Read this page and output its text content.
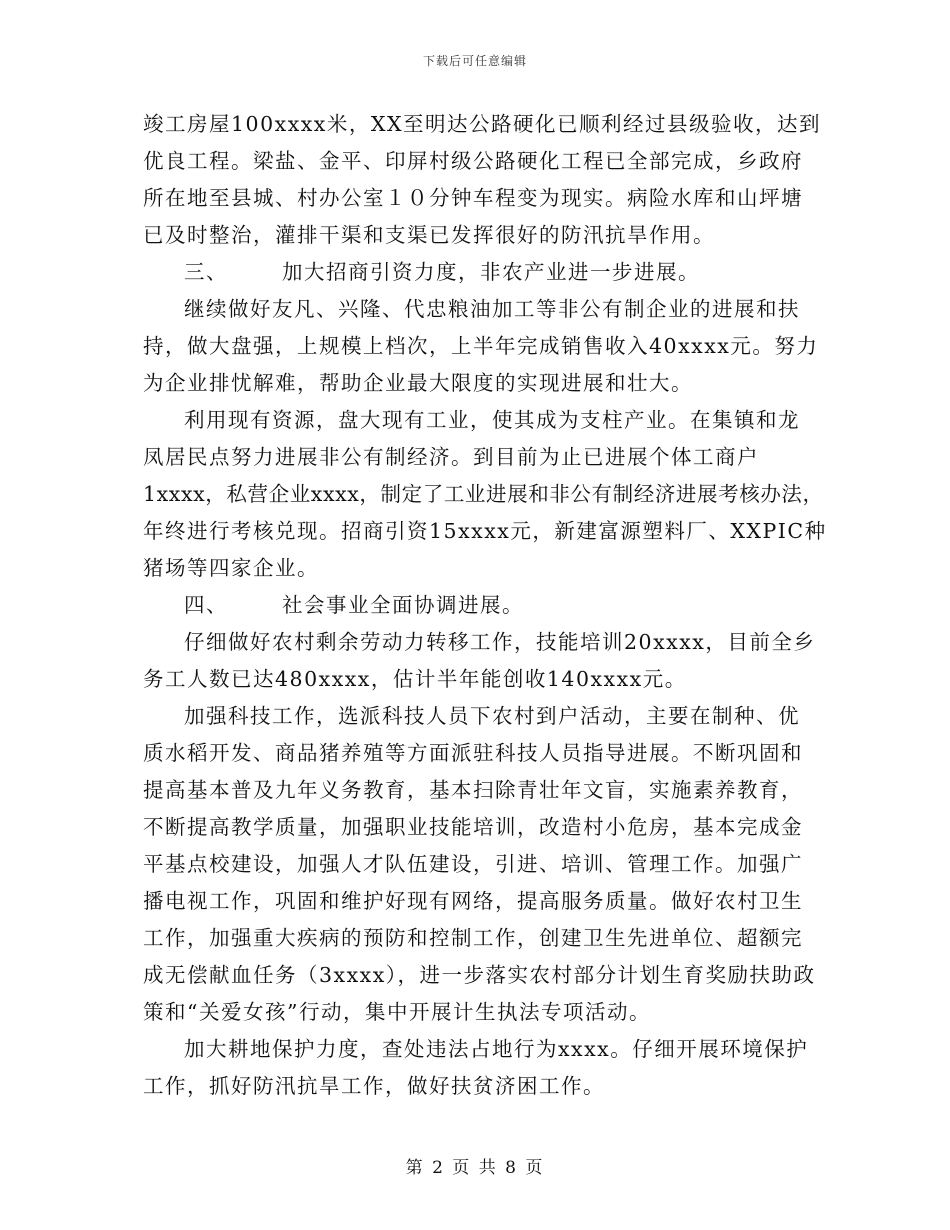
下载后可任意编辑
竣工房屋100xxxx米，XX至明达公路硬化已顺利经过县级验收，达到
优良工程。梁盐、金平、印屏村级公路硬化工程已全部完成，乡政府
所在地至县城、村办公室１０分钟车程变为现实。病险水库和山坪塘
已及时整治，灌排干渠和支渠已发挥很好的防汛抗旱作用。
三、	加大招商引资力度，非农产业进一步进展。
继续做好友凡、兴隆、代忠粮油加工等非公有制企业的进展和扶
持，做大盘强，上规模上档次，上半年完成销售收入40xxxx元。努力
为企业排忧解难，帮助企业最大限度的实现进展和壮大。
利用现有资源，盘大现有工业，使其成为支柱产业。在集镇和龙
凤居民点努力进展非公有制经济。到目前为止已进展个体工商户
1xxxx，私营企业xxxx，制定了工业进展和非公有制经济进展考核办法，
年终进行考核兑现。招商引资15xxxx元，新建富源塑料厂、XXPIC种
猪场等四家企业。
四、	社会事业全面协调进展。
仔细做好农村剩余劳动力转移工作，技能培训20xxxx，目前全乡
务工人数已达480xxxx，估计半年能创收140xxxx元。
加强科技工作，选派科技人员下农村到户活动，主要在制种、优
质水稻开发、商品猪养殖等方面派驻科技人员指导进展。不断巩固和
提高基本普及九年义务教育，基本扫除青壮年文盲，实施素养教育，
不断提高教学质量，加强职业技能培训，改造村小危房，基本完成金
平基点校建设，加强人才队伍建设，引进、培训、管理工作。加强广
播电视工作，巩固和维护好现有网络，提高服务质量。做好农村卫生
工作，加强重大疾病的预防和控制工作，创建卫生先进单位、超额完
成无偿献血任务（3xxxx），进一步落实农村部分计划生育奖励扶助政
策和“关爱女孩”行动，集中开展计生执法专项活动。
加大耕地保护力度，查处违法占地行为xxxx。仔细开展环境保护
工作，抓好防汛抗旱工作，做好扶贫济困工作。
第 2 页 共 8 页
